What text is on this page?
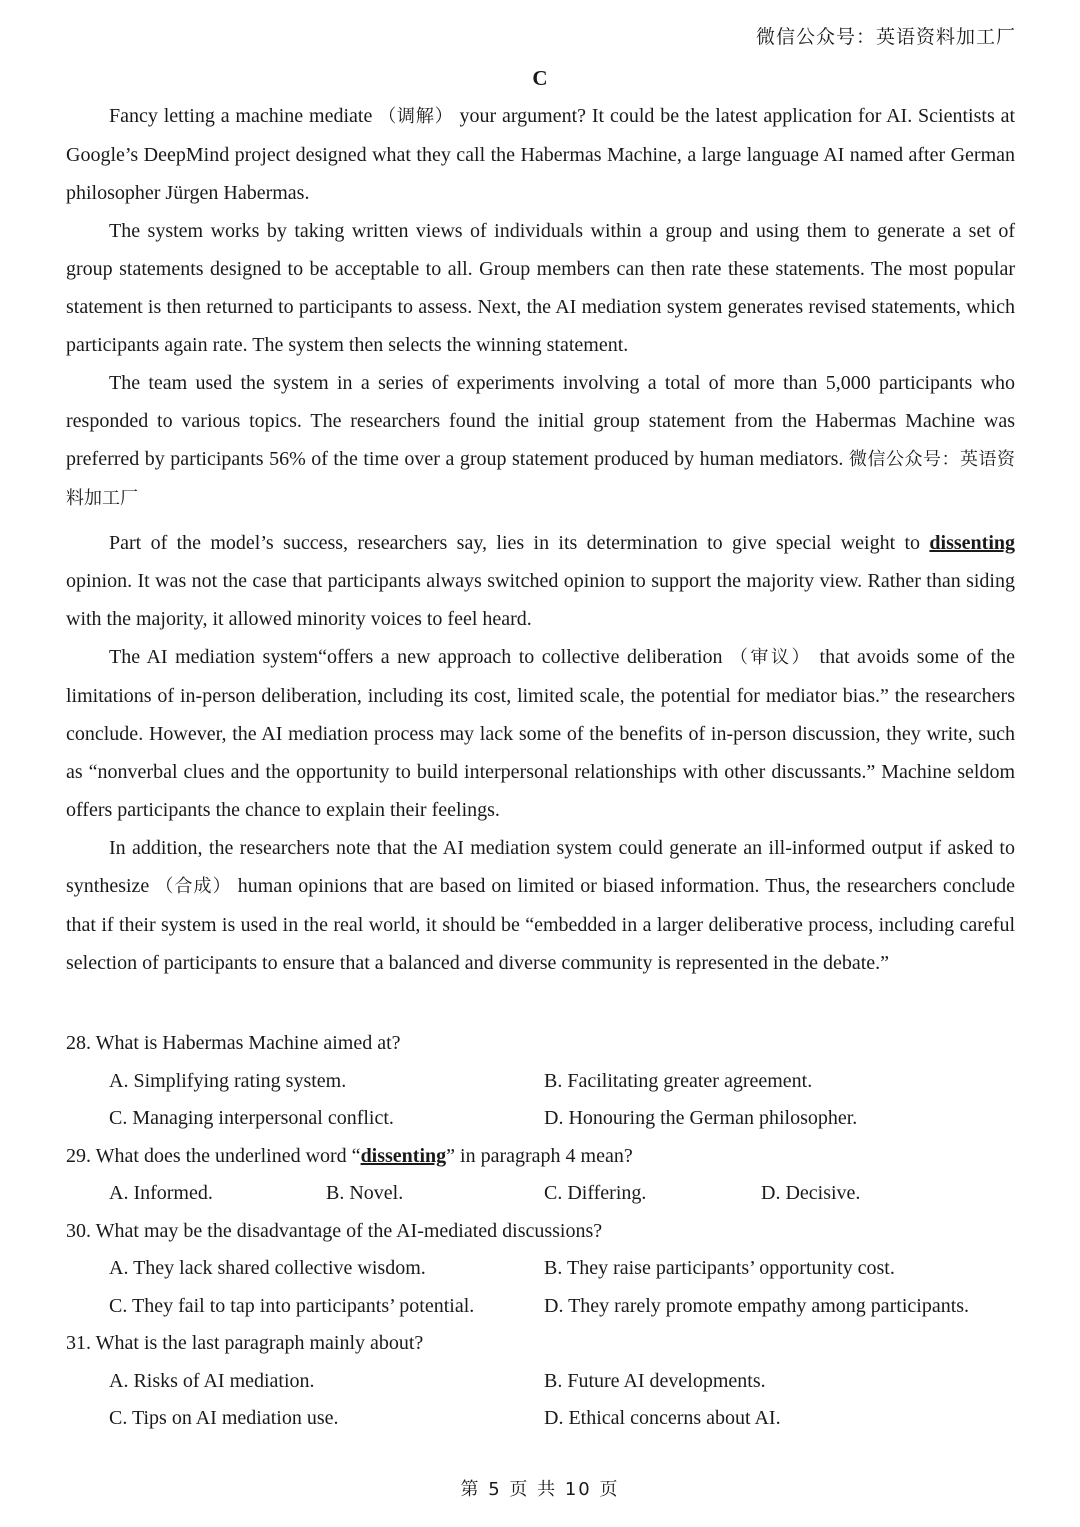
微信公众号：英语资料加工厂
C

Fancy letting a machine mediate （调解） your argument? It could be the latest application for AI. Scientists at Google’s DeepMind project designed what they call the Habermas Machine, a large language AI named after German philosopher Jürgen Habermas.

The system works by taking written views of individuals within a group and using them to generate a set of group statements designed to be acceptable to all. Group members can then rate these statements. The most popular statement is then returned to participants to assess. Next, the AI mediation system generates revised statements, which participants again rate. The system then selects the winning statement.

The team used the system in a series of experiments involving a total of more than 5,000 participants who responded to various topics. The researchers found the initial group statement from the Habermas Machine was preferred by participants 56% of the time over a group statement produced by human mediators. 微信公众号：英语资料加工厂

Part of the model’s success, researchers say, lies in its determination to give special weight to dissenting opinion. It was not the case that participants always switched opinion to support the majority view. Rather than siding with the majority, it allowed minority voices to feel heard.

The AI mediation system“offers a new approach to collective deliberation （审议） that avoids some of the limitations of in-person deliberation, including its cost, limited scale, the potential for mediator bias.” the researchers conclude. However, the AI mediation process may lack some of the benefits of in-person discussion, they write, such as “nonverbal clues and the opportunity to build interpersonal relationships with other discussants.” Machine seldom offers participants the chance to explain their feelings.

In addition, the researchers note that the AI mediation system could generate an ill-informed output if asked to synthesize （合成） human opinions that are based on limited or biased information. Thus, the researchers conclude that if their system is used in the real world, it should be “embedded in a larger deliberative process, including careful selection of participants to ensure that a balanced and diverse community is represented in the debate.”

28. What is Habermas Machine aimed at?

A. Simplifying rating system.	B. Facilitating greater agreement.
C. Managing interpersonal conflict.	D. Honouring the German philosopher.

29. What does the underlined word “dissenting” in paragraph 4 mean?

A. Informed.	B. Novel.	C. Differing.	D. Decisive.

30. What may be the disadvantage of the AI-mediated discussions?

A. They lack shared collective wisdom.	B. They raise participants’ opportunity cost.
C. They fail to tap into participants’ potential.	D. They rarely promote empathy among participants.

31. What is the last paragraph mainly about?

A. Risks of AI mediation.	B. Future AI developments.
C. Tips on AI mediation use.	D. Ethical concerns about AI.
第 5 页 共 10 页
